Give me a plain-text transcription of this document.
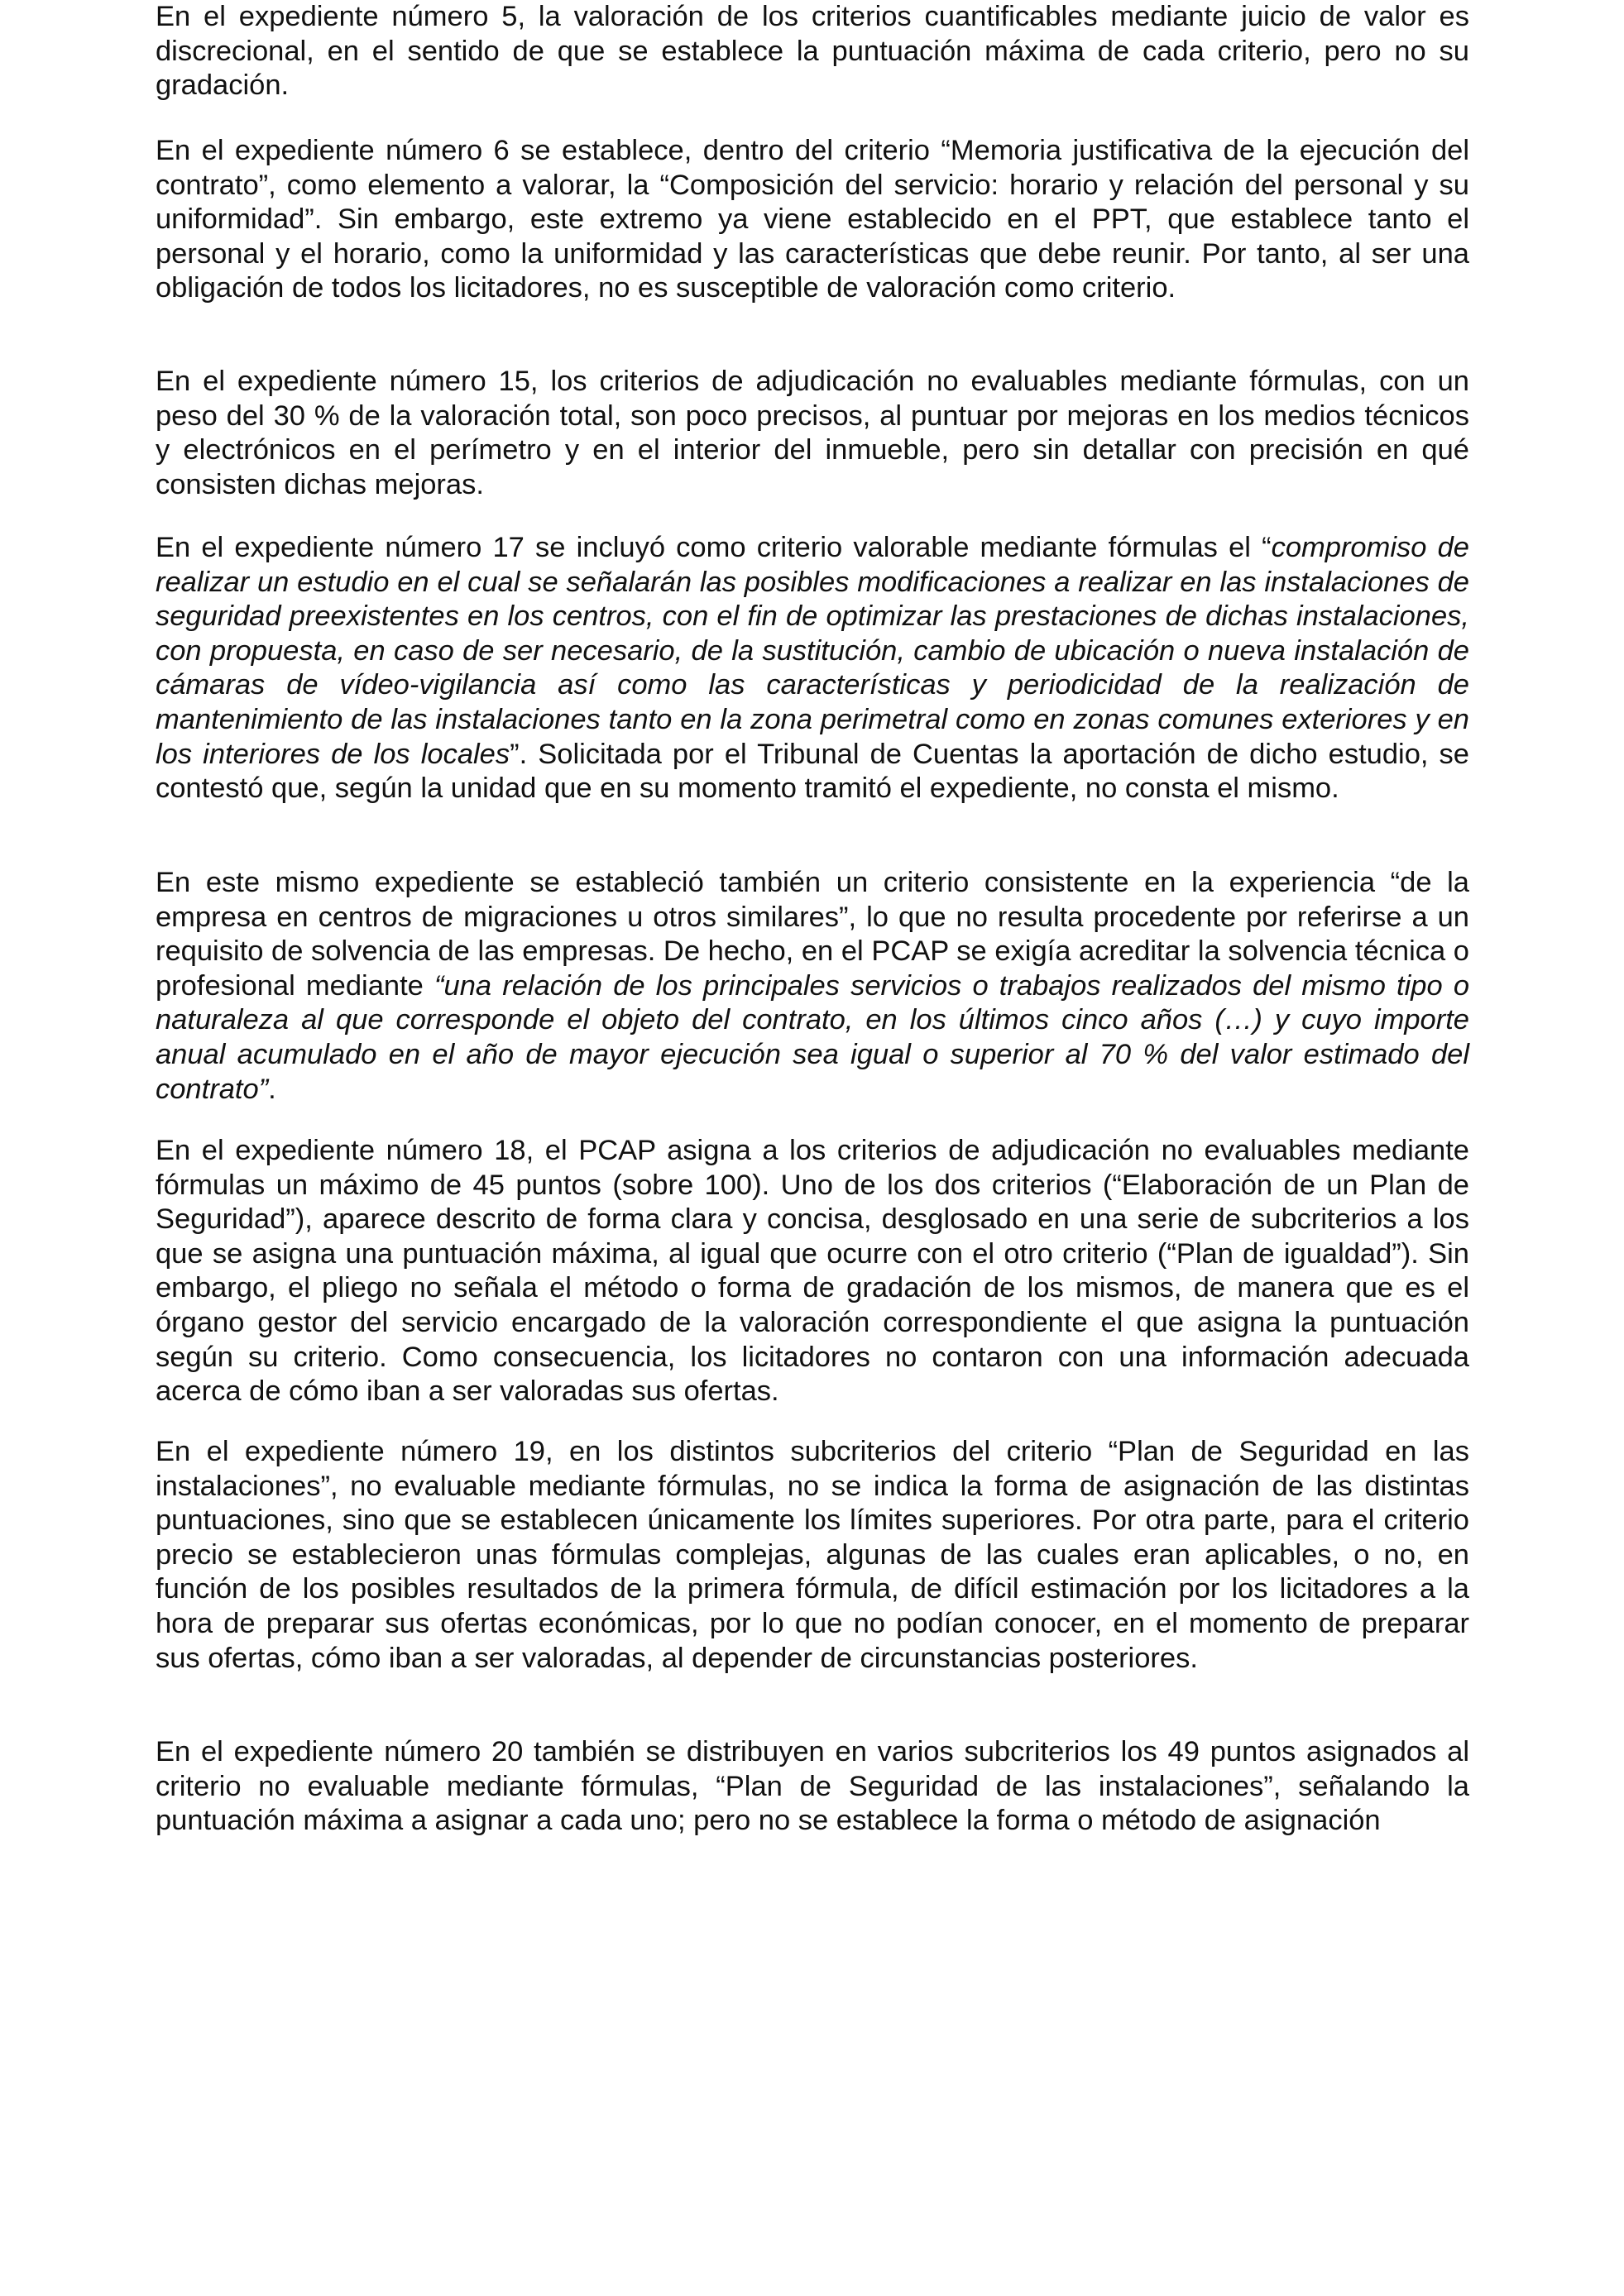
En el expediente número 5, la valoración de los criterios cuantificables mediante juicio de valor es discrecional, en el sentido de que se establece la puntuación máxima de cada criterio, pero no su gradación.

En el expediente número 6 se establece, dentro del criterio “Memoria justificativa de la ejecución del contrato”, como elemento a valorar, la “Composición del servicio: horario y relación del personal y su uniformidad”. Sin embargo, este extremo ya viene establecido en el PPT, que establece tanto el personal y el horario, como la uniformidad y las características que debe reunir. Por tanto, al ser una obligación de todos los licitadores, no es susceptible de valoración como criterio.

En el expediente número 15, los criterios de adjudicación no evaluables mediante fórmulas, con un peso del 30 % de la valoración total, son poco precisos, al puntuar por mejoras en los medios técnicos y electrónicos en el perímetro y en el interior del inmueble, pero sin detallar con precisión en qué consisten dichas mejoras.

En el expediente número 17 se incluyó como criterio valorable mediante fórmulas el “compromiso de realizar un estudio en el cual se señalarán las posibles modificaciones a realizar en las instalaciones de seguridad preexistentes en los centros, con el fin de optimizar las prestaciones de dichas instalaciones, con propuesta, en caso de ser necesario, de la sustitución, cambio de ubicación o nueva instalación de cámaras de vídeo-vigilancia así como las características y periodicidad de la realización de mantenimiento de las instalaciones tanto en la zona perimetral como en zonas comunes exteriores y en los interiores de los locales”. Solicitada por el Tribunal de Cuentas la aportación de dicho estudio, se contestó que, según la unidad que en su momento tramitó el expediente, no consta el mismo.

En este mismo expediente se estableció también un criterio consistente en la experiencia “de la empresa en centros de migraciones u otros similares”, lo que no resulta procedente por referirse a un requisito de solvencia de las empresas. De hecho, en el PCAP se exigía acreditar la solvencia técnica o profesional mediante “una relación de los principales servicios o trabajos realizados del mismo tipo o naturaleza al que corresponde el objeto del contrato, en los últimos cinco años (…) y cuyo importe anual acumulado en el año de mayor ejecución sea igual o superior al 70 % del valor estimado del contrato”.

En el expediente número 18, el PCAP asigna a los criterios de adjudicación no evaluables mediante fórmulas un máximo de 45 puntos (sobre 100). Uno de los dos criterios (“Elaboración de un Plan de Seguridad”), aparece descrito de forma clara y concisa, desglosado en una serie de subcriterios a los que se asigna una puntuación máxima, al igual que ocurre con el otro criterio (“Plan de igualdad”). Sin embargo, el pliego no señala el método o forma de gradación de los mismos, de manera que es el órgano gestor del servicio encargado de la valoración correspondiente el que asigna la puntuación según su criterio. Como consecuencia, los licitadores no contaron con una información adecuada acerca de cómo iban a ser valoradas sus ofertas.

En el expediente número 19, en los distintos subcriterios del criterio “Plan de Seguridad en las instalaciones”, no evaluable mediante fórmulas, no se indica la forma de asignación de las distintas puntuaciones, sino que se establecen únicamente los límites superiores. Por otra parte, para el criterio precio se establecieron unas fórmulas complejas, algunas de las cuales eran aplicables, o no, en función de los posibles resultados de la primera fórmula, de difícil estimación por los licitadores a la hora de preparar sus ofertas económicas, por lo que no podían conocer, en el momento de preparar sus ofertas, cómo iban a ser valoradas, al depender de circunstancias posteriores.

En el expediente número 20 también se distribuyen en varios subcriterios los 49 puntos asignados al criterio no evaluable mediante fórmulas, “Plan de Seguridad de las instalaciones”, señalando la puntuación máxima a asignar a cada uno; pero no se establece la forma o método de asignación
